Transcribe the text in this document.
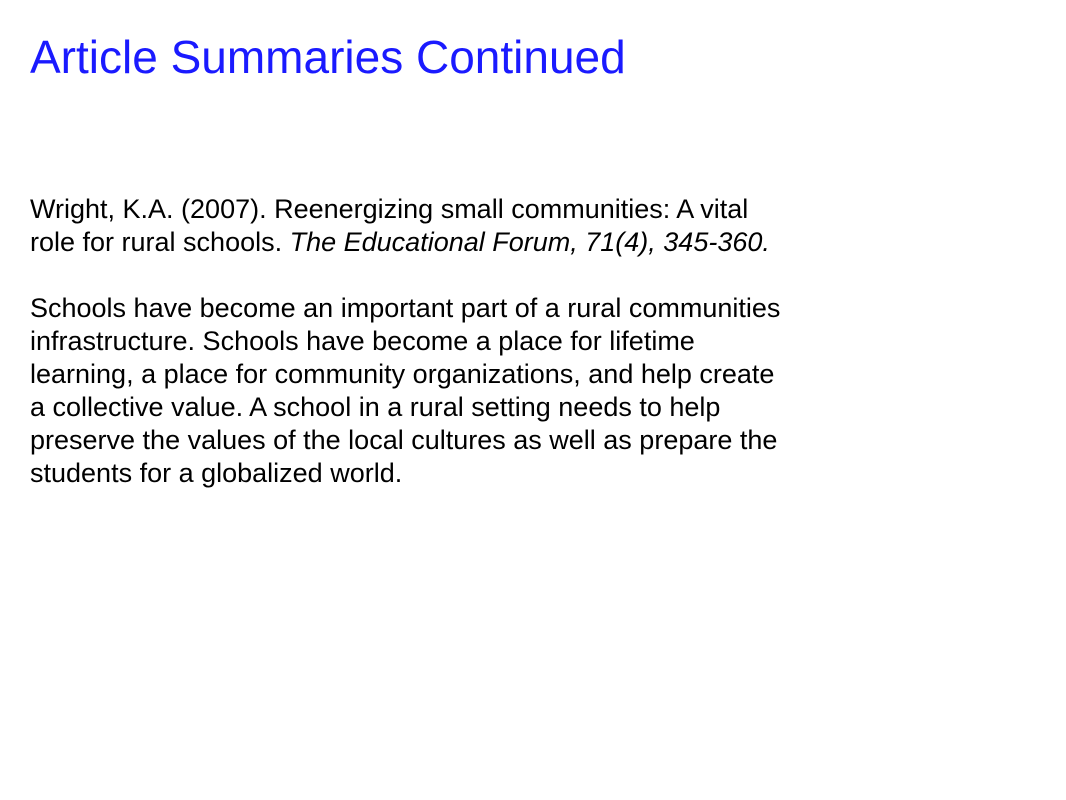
Article Summaries Continued

Wright, K.A. (2007). Reenergizing small communities: A vital
role for rural schools. The Educational Forum, 71(4), 345-360.

Schools have become an important part of a rural communities
infrastructure. Schools have become a place for lifetime
learning, a place for community organizations, and help create
a collective value. A school in a rural setting needs to help
preserve the values of the local cultures as well as prepare the
students for a globalized world.
